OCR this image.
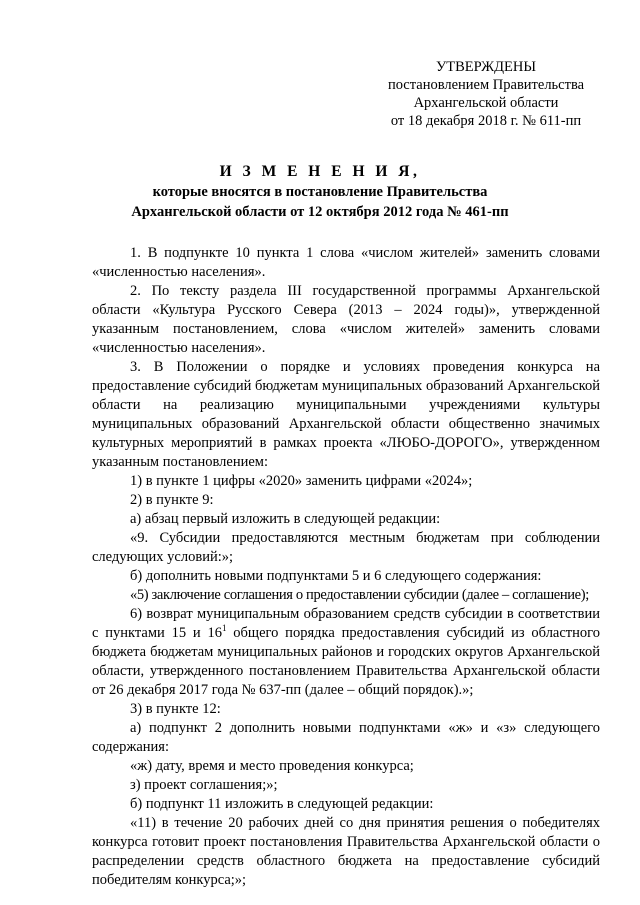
УТВЕРЖДЕНЫ
постановлением Правительства
Архангельской области
от 18 декабря 2018 г. № 611-пп
И З М Е Н Е Н И Я,
которые вносятся в постановление Правительства
Архангельской области от 12 октября 2012 года № 461-пп

1. В подпункте 10 пункта 1 слова «числом жителей» заменить словами «численностью населения».

2. По тексту раздела III государственной программы Архангельской области «Культура Русского Севера (2013 – 2024 годы)», утвержденной указанным постановлением, слова «числом жителей» заменить словами «численностью населения».

3. В Положении о порядке и условиях проведения конкурса на предоставление субсидий бюджетам муниципальных образований Архангельской области на реализацию муниципальными учреждениями культуры муниципальных образований Архангельской области общественно значимых культурных мероприятий в рамках проекта «ЛЮБО-ДОРОГО», утвержденном указанным постановлением:

1) в пункте 1 цифры «2020» заменить цифрами «2024»;

2) в пункте 9:

а) абзац первый изложить в следующей редакции:

«9. Субсидии предоставляются местным бюджетам при соблюдении следующих условий:»;

б) дополнить новыми подпунктами 5 и 6 следующего содержания:

«5) заключение соглашения о предоставлении субсидии (далее – соглашение);

6) возврат муниципальным образованием средств субсидии в соответствии с пунктами 15 и $16^1$ общего порядка предоставления субсидий из областного бюджета бюджетам муниципальных районов и городских округов Архангельской области, утвержденного постановлением Правительства Архангельской области от 26 декабря 2017 года № 637-пп (далее – общий порядок).»;

3) в пункте 12:

а) подпункт 2 дополнить новыми подпунктами «ж» и «з» следующего содержания:

«ж) дату, время и место проведения конкурса;

з) проект соглашения;»;

б) подпункт 11 изложить в следующей редакции:

«11) в течение 20 рабочих дней со дня принятия решения о победителях конкурса готовит проект постановления Правительства Архангельской области о распределении средств областного бюджета на предоставление субсидий победителям конкурса;»;
